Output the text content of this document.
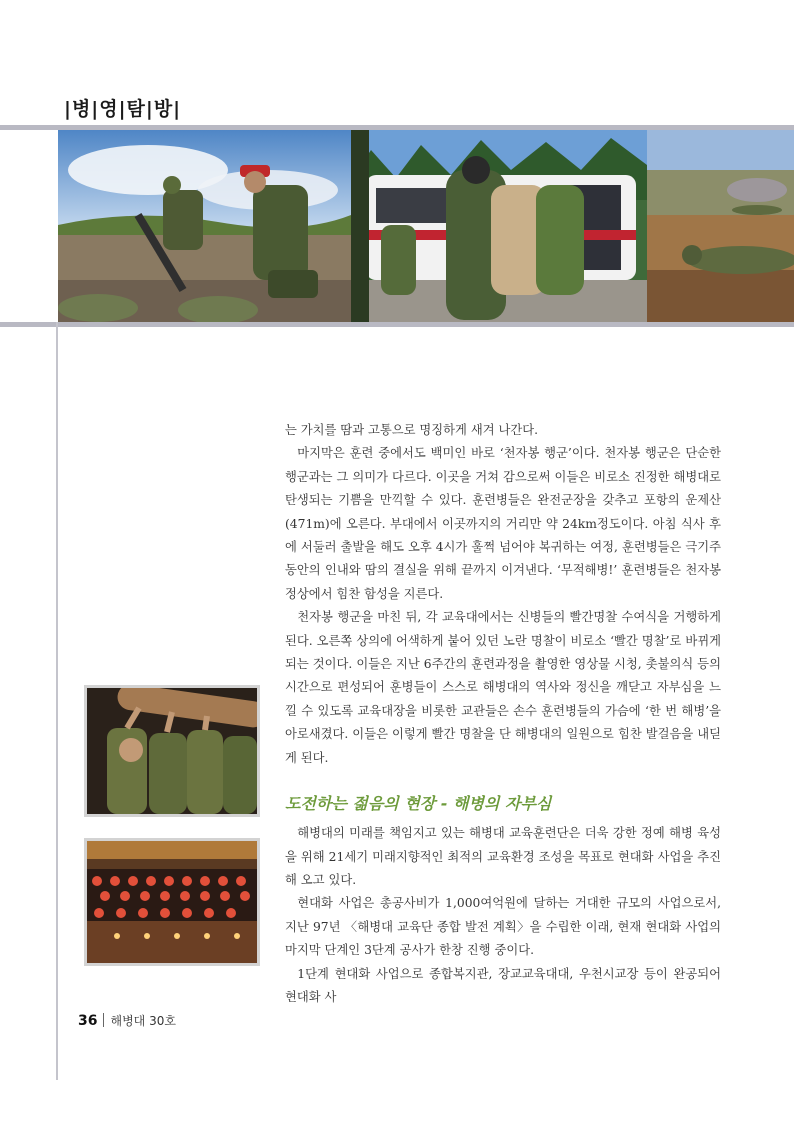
|병|영|탐|방|

는 가치를 땀과 고통으로 명징하게 새겨 나간다.

마지막은 훈련 중에서도 백미인 바로 ‘천자봉 행군’이다. 천자봉 행군은 단순한 행군과는 그 의미가 다르다. 이곳을 거쳐 감으로써 이들은 비로소 진정한 해병대로 탄생되는 기쁨을 만끽할 수 있다. 훈련병들은 완전군장을 갖추고 포항의 운제산(471m)에 오른다. 부대에서 이곳까지의 거리만 약 24km정도이다. 아침 식사 후에 서둘러 출발을 해도 오후 4시가 훌쩍 넘어야 복귀하는 여정, 훈련병들은 극기주 동안의 인내와 땀의 결실을 위해 끝까지 이겨낸다. ‘무적해병!’ 훈련병들은 천자봉 정상에서 힘찬 함성을 지른다.

천자봉 행군을 마친 뒤, 각 교육대에서는 신병들의 빨간명찰 수여식을 거행하게 된다. 오른쪽 상의에 어색하게 붙어 있던 노란 명찰이 비로소 ‘빨간 명찰’로 바뀌게 되는 것이다. 이들은 지난 6주간의 훈련과정을 촬영한 영상물 시청, 촛불의식 등의 시간으로 편성되어 훈병들이 스스로 해병대의 역사와 정신을 깨닫고 자부심을 느낄 수 있도록 교육대장을 비롯한 교관들은 손수 훈련병들의 가슴에 ‘한 번 해병’을 아로새겼다. 이들은 이렇게 빨간 명찰을 단 해병대의 일원으로 힘찬 발걸음을 내딛게 된다.

도전하는 젊음의 현장 - 해병의 자부심

해병대의 미래를 책임지고 있는 해병대 교육훈련단은 더욱 강한 정예 해병 육성을 위해 21세기 미래지향적인 최적의 교육환경 조성을 목표로 현대화 사업을 추진해 오고 있다.

현대화 사업은 총공사비가 1,000여억원에 달하는 거대한 규모의 사업으로서, 지난 97년 〈해병대 교육단 종합 발전 계획〉을 수립한 이래, 현재 현대화 사업의 마지막 단계인 3단계 공사가 한창 진행 중이다.

1단계 현대화 사업으로 종합복지관, 장교교육대대, 우천시교장 등이 완공되어 현대화 사

36 해병대 30호
